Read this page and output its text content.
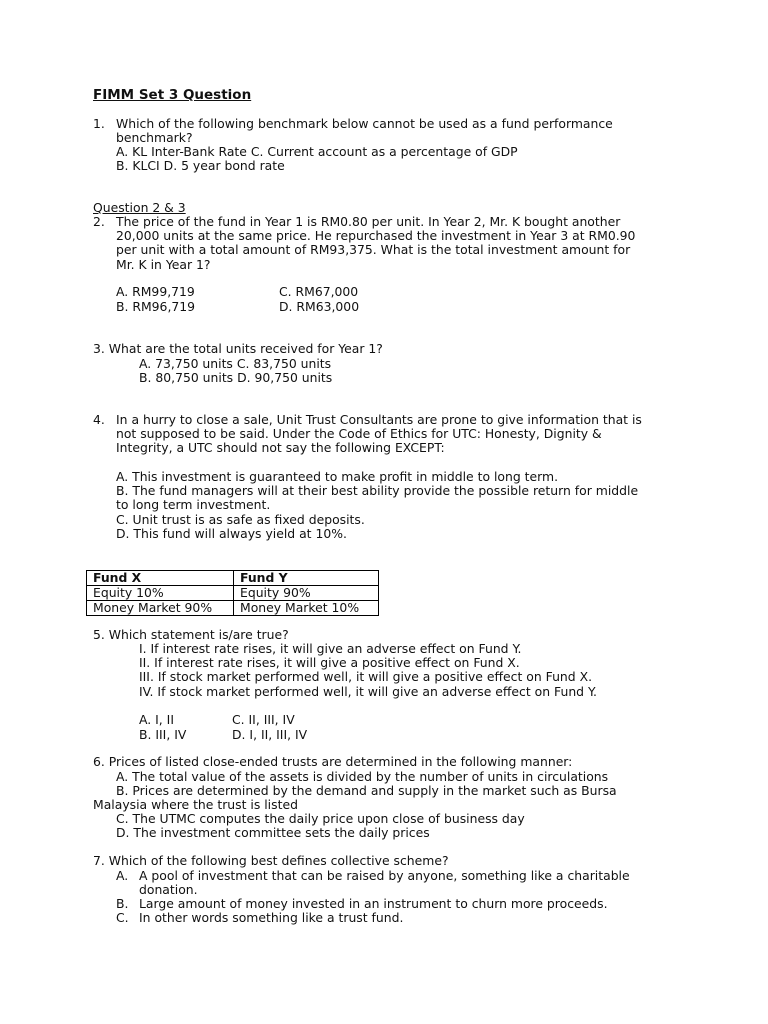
FIMM Set 3 Question
1. Which of the following benchmark below cannot be used as a fund performance
benchmark?
A. KL Inter-Bank Rate C. Current account as a percentage of GDP
B. KLCI D. 5 year bond rate
Question 2 & 3
2. The price of the fund in Year 1 is RM0.80 per unit. In Year 2, Mr. K bought another
20,000 units at the same price. He repurchased the investment in Year 3 at RM0.90
per unit with a total amount of RM93,375. What is the total investment amount for
Mr. K in Year 1?
A. RM99,719	C. RM67,000
B. RM96,719	D. RM63,000
3. What are the total units received for Year 1?
A. 73,750 units C. 83,750 units
B. 80,750 units D. 90,750 units
4. In a hurry to close a sale, Unit Trust Consultants are prone to give information that is
not supposed to be said. Under the Code of Ethics for UTC: Honesty, Dignity &
Integrity, a UTC should not say the following EXCEPT:
A. This investment is guaranteed to make profit in middle to long term.
B. The fund managers will at their best ability provide the possible return for middle
to long term investment.
C. Unit trust is as safe as fixed deposits.
D. This fund will always yield at 10%.
Fund X	Fund Y
Equity 10%	Equity 90%
Money Market 90%	Money Market 10%
5. Which statement is/are true?
I. If interest rate rises, it will give an adverse effect on Fund Y.
II. If interest rate rises, it will give a positive effect on Fund X.
III. If stock market performed well, it will give a positive effect on Fund X.
IV. If stock market performed well, it will give an adverse effect on Fund Y.
A. I, II	C. II, III, IV
B. III, IV	D. I, II, III, IV
6. Prices of listed close-ended trusts are determined in the following manner:
A. The total value of the assets is divided by the number of units in circulations
B. Prices are determined by the demand and supply in the market such as Bursa
Malaysia where the trust is listed
C. The UTMC computes the daily price upon close of business day
D. The investment committee sets the daily prices
7. Which of the following best defines collective scheme?
A. A pool of investment that can be raised by anyone, something like a charitable
donation.
B. Large amount of money invested in an instrument to churn more proceeds.
C. In other words something like a trust fund.
